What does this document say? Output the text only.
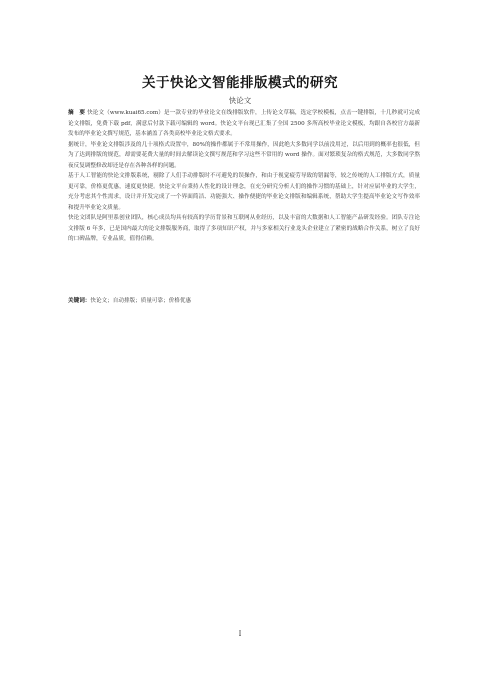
关于快论文智能排版模式的研究
快论文

摘　要 快论文（www.kuai65.com）是一款专业的毕业论文在线排版软件，上传论文草稿，选定学校模板，点击一键排版，十几秒就可完成论文排版，免费下载 pdf，满意后付款下载可编辑的 word。快论文平台现已汇集了全国 2500 多所高校毕业论文模板，均跟自各校官方最新发布的毕业论文撰写规范，基本涵盖了各类高校毕业论文格式要求。

据统计，毕业论文排版涉及的几十项格式设置中，80%的操作都属于不常用操作，因此绝大多数同学以前没用过，以后用到的概率也很低，但为了达到排版的规范，却需要花费大量的时间去解读论文撰写规范和学习这些不常用的 word 操作。面对繁琐复杂的格式规范，大多数同学熬夜反复调整修改却还是存在各种各样的问题。

基于人工智能的快论文排版系统，剔除了人们手动排版时不可避免的误操作，和由于视觉疲劳导致的错漏等，较之传统的人工排版方式，质量更可靠，价格更优惠，速度更快捷。快论文平台秉持人性化的设计理念，在充分研究分析人们的操作习惯的基础上，针对应届毕业的大学生，充分考虑其个性需求，设计并开发完成了一个界面简洁、功能强大、操作便捷的毕业论文排版和编辑系统，帮助大学生提高毕业论文写作效率和提升毕业论文质量。

快论文团队是阿里系创业团队，核心成员均具有较高的学历背景和互联网从业经历，以及丰富的大数据和人工智能产品研发经验。团队专注论文排版 6 年多，已是国内最大的论文排版服务商，取得了多项知识产权，并与多家相关行业龙头企业建立了紧密的战略合作关系，树立了良好的口碑品牌，专业品质，值得信赖。

关键词：快论文；自动排版；质量可靠；价格优惠
I
